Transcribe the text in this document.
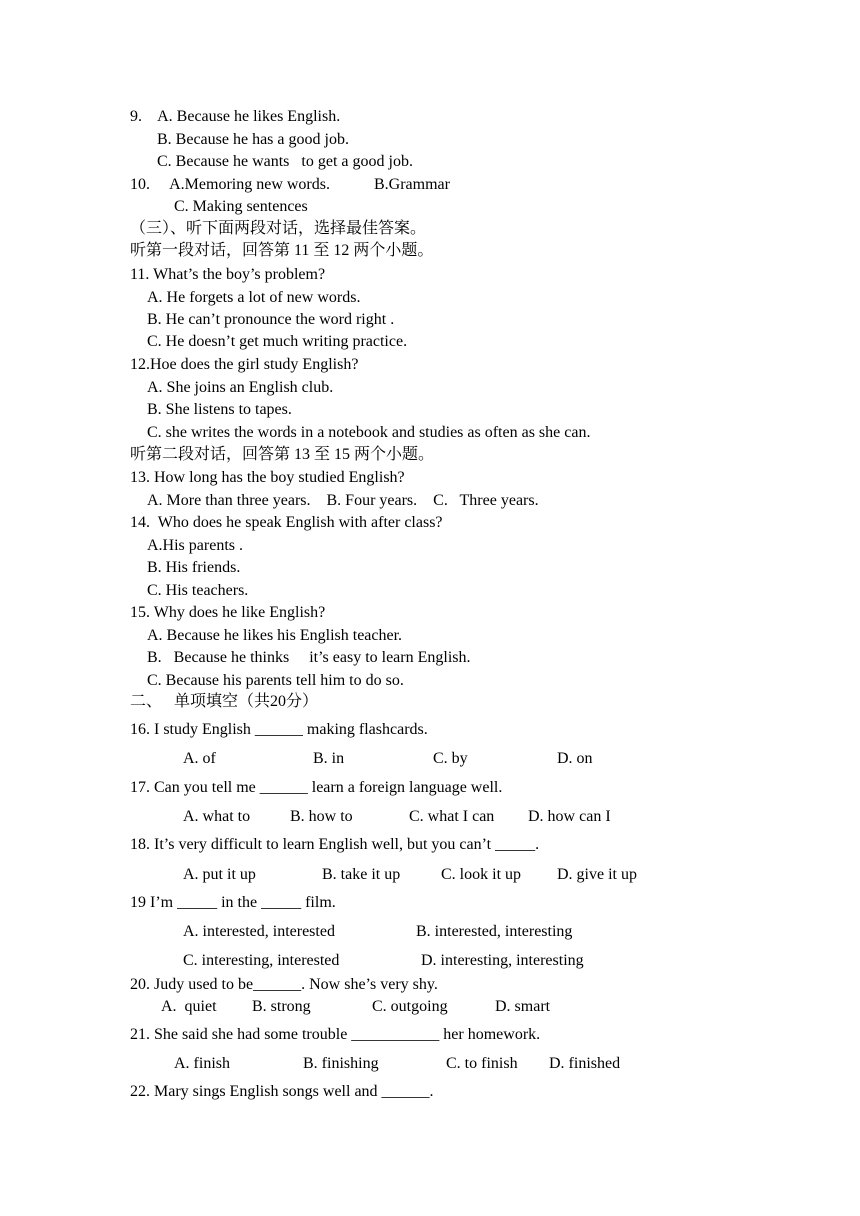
9.    A. Because he likes English.
B. Because he has a good job.
C. Because he wants   to get a good job.
10.     A.Memoring new words.           B.Grammar
C. Making sentences
（三）、听下面两段对话，选择最佳答案。
听第一段对话，回答第 11 至 12 两个小题。
11. What’s the boy’s problem?
A. He forgets a lot of new words.
B. He can’t pronounce the word right .
C. He doesn’t get much writing practice.
12.Hoe does the girl study English?
A. She joins an English club.
B. She listens to tapes.
C. she writes the words in a notebook and studies as often as she can.
听第二段对话，回答第 13 至 15 两个小题。
13. How long has the boy studied English?
A. More than three years.    B. Four years.    C.   Three years.
14.  Who does he speak English with after class?
A.His parents .
B. His friends.
C. His teachers.
15. Why does he like English?
A. Because he likes his English teacher.
B.   Because he thinks     it’s easy to learn English.
C. Because his parents tell him to do so.
二、   单项填空（共20分）
16. I study English ______ making flashcards.
A. of	B. in	C. by	D. on
17. Can you tell me ______ learn a foreign language well.
A. what to B. how to	C. what I can D. how can I
18. It’s very difficult to learn English well, but you can’t _____.
A. put it up	B. take it up	C. look it up D. give it up
19 I’m _____ in the _____ film.
A. interested, interested	B. interested, interesting
C. interesting, interested	D. interesting, interesting
20. Judy used to be______. Now she’s very shy.
A.  quiet B. strong	C. outgoing	D. smart
21. She said she had some trouble ___________ her homework.
A. finish	B. finishing	C. to finish D. finished
22. Mary sings English songs well and ______.
